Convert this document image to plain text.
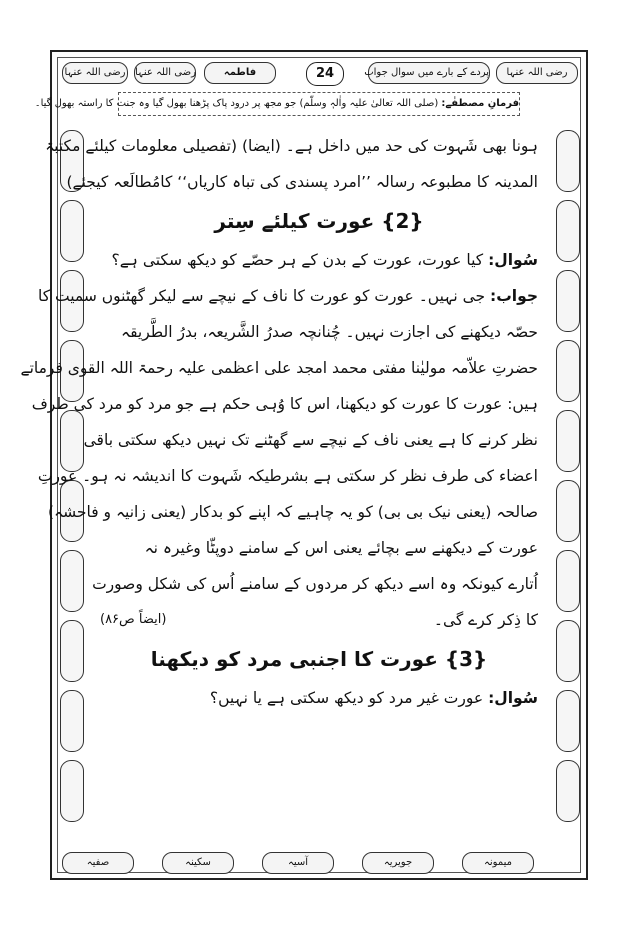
رضی اللہ عنہا رضی اللہ عنہا	فاطمہ	پردے کے بارے میں سوال جواب	رضی اللہ عنہا
24
فرمانِ مصطفٰے: (صلی اللہ تعالیٰ علیہ واٰلہٖ وسلّم) جو مجھ پر درود پاک پڑھنا بھول گیا وہ جنت کا راستہ بھول گیا۔
ہونا بھی شَہوت کی حد میں داخل ہے۔ (ایضا) (تفصیلی معلومات کیلئے مکتبۃ
المدینہ کا مطبوعہ رسالہ ’’امرد پسندی کی تباہ کاریاں‘‘ کامُطالَعہ کیجئے)
{2} عورت کیلئے سِتر
سُوال: کیا عورت، عورت کے بدن کے ہر حصّے کو دیکھ سکتی ہے؟
جواب: جی نہیں۔ عورت کو عورت کا ناف کے نیچے سے لیکر گھٹنوں سمیت کا
حصّہ دیکھنے کی اجازت نہیں۔ چُنانچہ صدرُ الشَّریعہ، بدرُ الطَّریقہ
حضرتِ علاّمہ مولیٰنا مفتی محمد امجد علی اعظمی علیہ رحمۃ اللہ القوی فرماتے
ہیں: عورت کا عورت کو دیکھنا، اس کا وُہی حکم ہے جو مرد کو مرد کی طرف
نظر کرنے کا ہے یعنی ناف کے نیچے سے گھٹنے تک نہیں دیکھ سکتی باقی
اعضاء کی طرف نظر کر سکتی ہے بشرطیکہ شَہوت کا اندیشہ نہ ہو۔ عورتِ
صالحہ (یعنی نیک بی بی) کو یہ چاہیے کہ اپنے کو بدکار (یعنی زانیہ و فاحشہ)
عورت کے دیکھنے سے بچائے یعنی اس کے سامنے دوپٹّا وغیرہ نہ
اُتارے کیونکہ وہ اسے دیکھ کر مردوں کے سامنے اُس کی شکل وصورت
کا ذِکر کرے گی۔
(ایضاً ص۸۶)
{3} عورت کا اجنبی مرد کو دیکھنا
سُوال: عورت غیر مرد کو دیکھ سکتی ہے یا نہیں؟
صفیہ	سکینہ	آسیہ	جویریہ	میمونہ
